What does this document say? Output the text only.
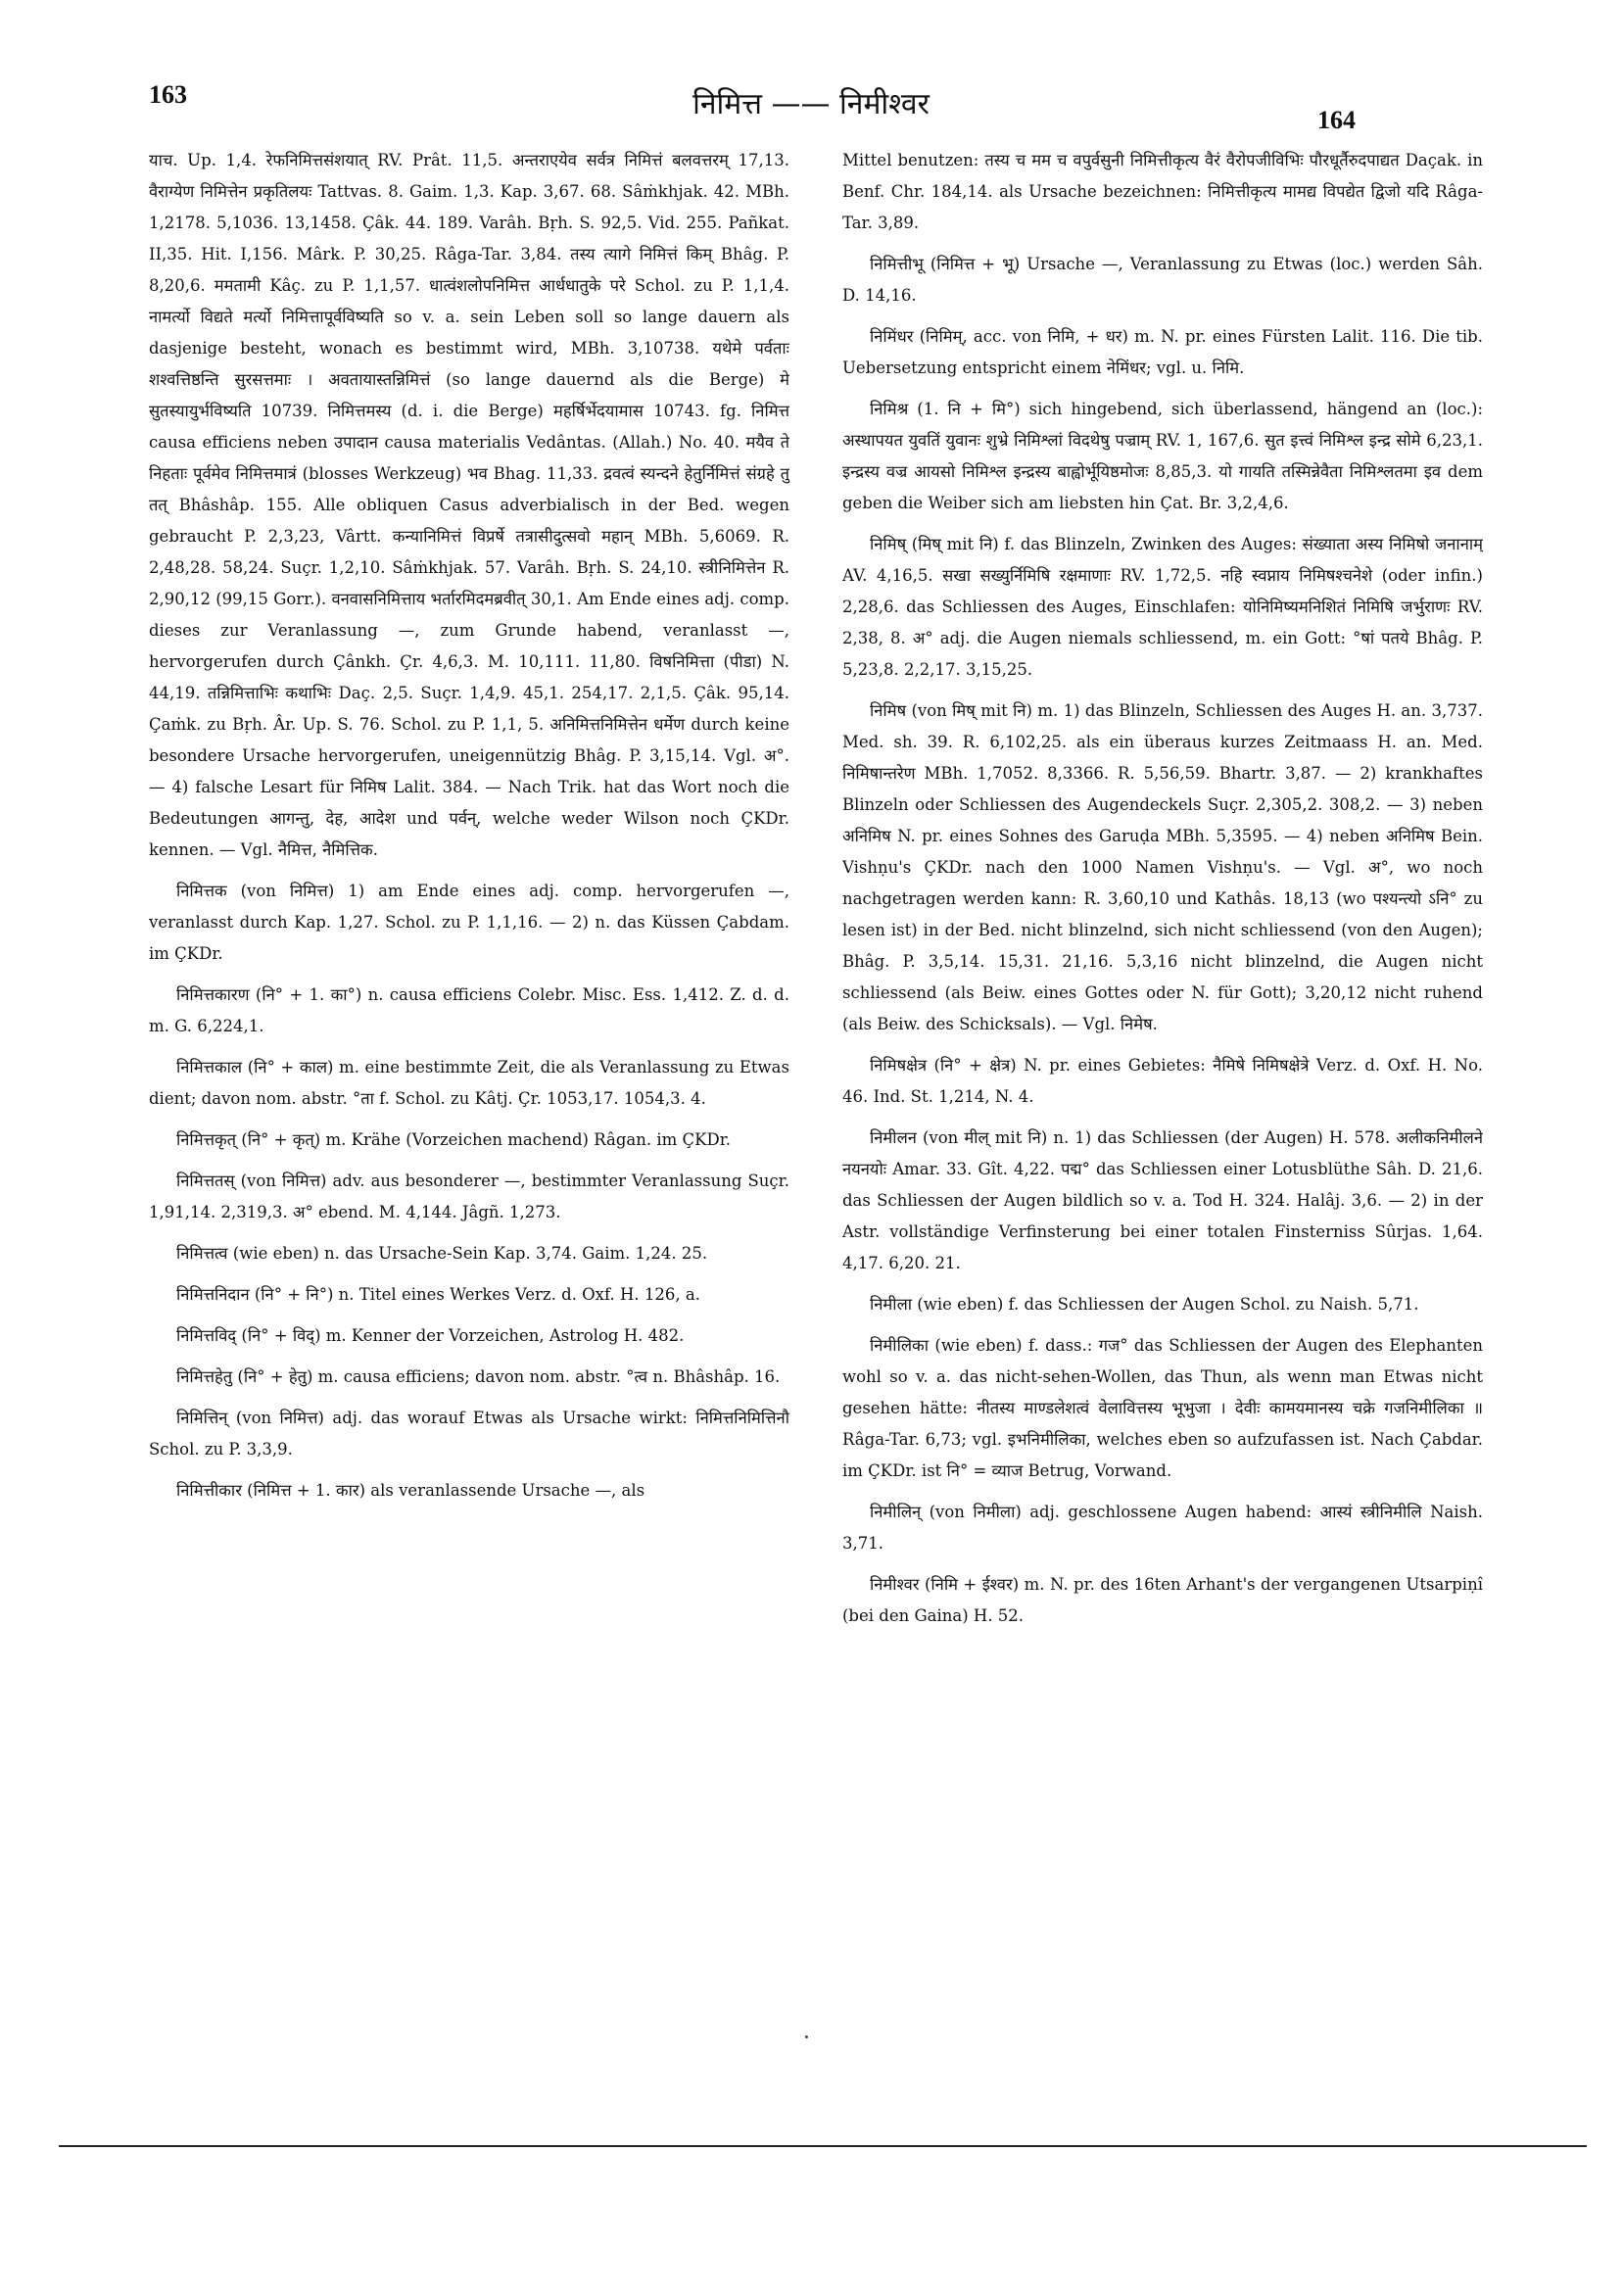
163	निमित्त —— निमीश्वर	164

याच. Up. 1,4. रेफनिमित्तसंशयात् RV. Prât. 11,5. अन्तराएयेव सर्वत्र निमित्तं बलवत्तरम् 17,13. वैराग्येण निमित्तेन प्रकृतिलयः Tattvas. 8. Gaim. 1,3. Kap. 3,67. 68. Sâṁkhjak. 42. MBh. 1,2178. 5,1036. 13,1458. Çâk. 44. 189. Varâh. Bṛh. S. 92,5. Vid. 255. Pañkat. II,35. Hit. I,156. Mârk. P. 30,25. Râga-Tar. 3,84. तस्य त्यागे निमित्तं किम् Bhâg. P. 8,20,6. ममतामी Kâç. zu P. 1,1,57. धात्वंशलोपनिमित्त आर्धधातुके परे Schol. zu P. 1,1,4. नामर्त्यो विद्यते मर्त्यो निमित्तापूर्वविष्यति so v. a. sein Leben soll so lange dauern als dasjenige besteht, wonach es bestimmt wird, MBh. 3,10738. यथेमे पर्वताः शश्वत्तिष्ठन्ति सुरसत्तमाः । अवतायास्तन्निमित्तं (so lange dauernd als die Berge) मे सुतस्यायुर्भविष्यति 10739. निमित्तमस्य (d. i. die Berge) महर्षिर्भेदयामास 10743. fg. निमित्त causa efficiens neben उपादान causa materialis Vedântas. (Allah.) No. 40. मयैव ते निहताः पूर्वमेव निमित्तमात्रं (blosses Werkzeug) भव Bhag. 11,33. द्रवत्वं स्यन्दने हेतुर्निमित्तं संग्रहे तु तत् Bhâshâp. 155. Alle obliquen Casus adverbialisch in der Bed. wegen gebraucht P. 2,3,23, Vârtt. कन्यानिमित्तं विप्रर्षे तत्रासीदुत्सवो महान् MBh. 5,6069. R. 2,48,28. 58,24. Suçr. 1,2,10. Sâṁkhjak. 57. Varâh. Bṛh. S. 24,10. स्त्रीनिमित्तेन R. 2,90,12 (99,15 Gorr.). वनवासनिमित्ताय भर्तारमिदमब्रवीत् 30,1. Am Ende eines adj. comp. dieses zur Veranlassung —, zum Grunde habend, veranlasst —, hervorgerufen durch Çânkh. Çr. 4,6,3. M. 10,111. 11,80. विषनिमित्ता (पीडा) N. 44,19. तन्निमित्ताभिः कथाभिः Daç. 2,5. Suçr. 1,4,9. 45,1. 254,17. 2,1,5. Çâk. 95,14. Çaṁk. zu Bṛh. Âr. Up. S. 76. Schol. zu P. 1,1, 5. अनिमित्तनिमित्तेन धर्मेण durch keine besondere Ursache hervorgerufen, uneigennützig Bhâg. P. 3,15,14. Vgl. अ°. — 4) falsche Lesart für निमिष Lalit. 384. — Nach Trik. hat das Wort noch die Bedeutungen आगन्तु, देह, आदेश und पर्वन्, welche weder Wilson noch ÇKDr. kennen. — Vgl. नैमित्त, नैमित्तिक.

निमित्तक (von निमित्त) 1) am Ende eines adj. comp. hervorgerufen —, veranlasst durch Kap. 1,27. Schol. zu P. 1,1,16. — 2) n. das Küssen Çabdam. im ÇKDr.

निमित्तकारण (नि° + 1. का°) n. causa efficiens Colebr. Misc. Ess. 1,412. Z. d. d. m. G. 6,224,1.

निमित्तकाल (नि° + काल) m. eine bestimmte Zeit, die als Veranlassung zu Etwas dient; davon nom. abstr. °ता f. Schol. zu Kâtj. Çr. 1053,17. 1054,3. 4.

निमित्तकृत् (नि° + कृत्) m. Krähe (Vorzeichen machend) Râgan. im ÇKDr.

निमित्ततस् (von निमित्त) adv. aus besonderer —, bestimmter Veranlassung Suçr. 1,91,14. 2,319,3. अ° ebend. M. 4,144. Jâgñ. 1,273.

निमित्तत्व (wie eben) n. das Ursache-Sein Kap. 3,74. Gaim. 1,24. 25.

निमित्तनिदान (नि° + नि°) n. Titel eines Werkes Verz. d. Oxf. H. 126, a.

निमित्तविद् (नि° + विद्) m. Kenner der Vorzeichen, Astrolog H. 482.

निमित्तहेतु (नि° + हेतु) m. causa efficiens; davon nom. abstr. °त्व n. Bhâshâp. 16.

निमित्तिन् (von निमित्त) adj. das worauf Etwas als Ursache wirkt: निमित्तनिमित्तिनौ Schol. zu P. 3,3,9.

निमित्तीकार (निमित्त + 1. कार) als veranlassende Ursache —, als

Mittel benutzen: तस्य च मम च वपुर्वसुनी निमित्तीकृत्य वैरं वैरोपजीविभिः पौरधूर्तैरुदपाद्यत Daçak. in Benf. Chr. 184,14. als Ursache bezeichnen: निमित्तीकृत्य मामद्य विपद्येत द्विजो यदि Râga-Tar. 3,89.

निमित्तीभू (निमित्त + भू) Ursache —, Veranlassung zu Etwas (loc.) werden Sâh. D. 14,16.

निमिंधर (निमिम्, acc. von निमि, + धर) m. N. pr. eines Fürsten Lalit. 116. Die tib. Uebersetzung entspricht einem नेमिंधर; vgl. u. निमि.

निमिश्र (1. नि + मि°) sich hingebend, sich überlassend, hängend an (loc.): अस्थापयत युवतिं युवानः शुभ्रे निमिश्लां विदथेषु पज्राम् RV. 1, 167,6. सुत इत्त्वं निमिश्ल इन्द्र सोमे 6,23,1. इन्द्रस्य वज्र आयसो निमिश्ल इन्द्रस्य बाह्वोर्भूयिष्ठमोजः 8,85,3. यो गायति तस्मिन्नेवैता निमिश्लतमा इव dem geben die Weiber sich am liebsten hin Çat. Br. 3,2,4,6.

निमिष् (मिष् mit नि) f. das Blinzeln, Zwinken des Auges: संख्याता अस्य निमिषो जनानाम् AV. 4,16,5. सखा सख्युर्निमिषि रक्षमाणाः RV. 1,72,5. नहि स्वप्नाय निमिषश्चनेशे (oder infin.) 2,28,6. das Schliessen des Auges, Einschlafen: योनिमिष्यमनिशितं निमिषि जर्भुराणः RV. 2,38, 8. अ° adj. die Augen niemals schliessend, m. ein Gott: °षां पतये Bhâg. P. 5,23,8. 2,2,17. 3,15,25.

निमिष (von मिष् mit नि) m. 1) das Blinzeln, Schliessen des Auges H. an. 3,737. Med. sh. 39. R. 6,102,25. als ein überaus kurzes Zeitmaass H. an. Med. निमिषान्तरेण MBh. 1,7052. 8,3366. R. 5,56,59. Bhartr. 3,87. — 2) krankhaftes Blinzeln oder Schliessen des Augendeckels Suçr. 2,305,2. 308,2. — 3) neben अनिमिष N. pr. eines Sohnes des Garuḍa MBh. 5,3595. — 4) neben अनिमिष Bein. Vishṇu's ÇKDr. nach den 1000 Namen Vishṇu's. — Vgl. अ°, wo noch nachgetragen werden kann: R. 3,60,10 und Kathâs. 18,13 (wo पश्यन्त्यो ऽनि° zu lesen ist) in der Bed. nicht blinzelnd, sich nicht schliessend (von den Augen); Bhâg. P. 3,5,14. 15,31. 21,16. 5,3,16 nicht blinzelnd, die Augen nicht schliessend (als Beiw. eines Gottes oder N. für Gott); 3,20,12 nicht ruhend (als Beiw. des Schicksals). — Vgl. निमेष.

निमिषक्षेत्र (नि° + क्षेत्र) N. pr. eines Gebietes: नैमिषे निमिषक्षेत्रे Verz. d. Oxf. H. No. 46. Ind. St. 1,214, N. 4.

निमीलन (von मील् mit नि) n. 1) das Schliessen (der Augen) H. 578. अलीकनिमीलने नयनयोः Amar. 33. Gît. 4,22. पद्म° das Schliessen einer Lotusblüthe Sâh. D. 21,6. das Schliessen der Augen bildlich so v. a. Tod H. 324. Halâj. 3,6. — 2) in der Astr. vollständige Verfinsterung bei einer totalen Finsterniss Sûrjas. 1,64. 4,17. 6,20. 21.

निमीला (wie eben) f. das Schliessen der Augen Schol. zu Naish. 5,71.

निमीलिका (wie eben) f. dass.: गज° das Schliessen der Augen des Elephanten wohl so v. a. das nicht-sehen-Wollen, das Thun, als wenn man Etwas nicht gesehen hätte: नीतस्य माण्डलेशत्वं वेलावित्तस्य भूभुजा । देवीः कामयमानस्य चक्रे गजनिमीलिका ॥ Râga-Tar. 6,73; vgl. इभनिमीलिका, welches eben so aufzufassen ist. Nach Çabdar. im ÇKDr. ist नि° = व्याज Betrug, Vorwand.

निमीलिन् (von निमीला) adj. geschlossene Augen habend: आस्यं स्त्रीनिमीलि Naish. 3,71.

निमीश्वर (निमि + ईश्वर) m. N. pr. des 16ten Arhant's der vergangenen Utsarpiṇî (bei den Gaina) H. 52.
